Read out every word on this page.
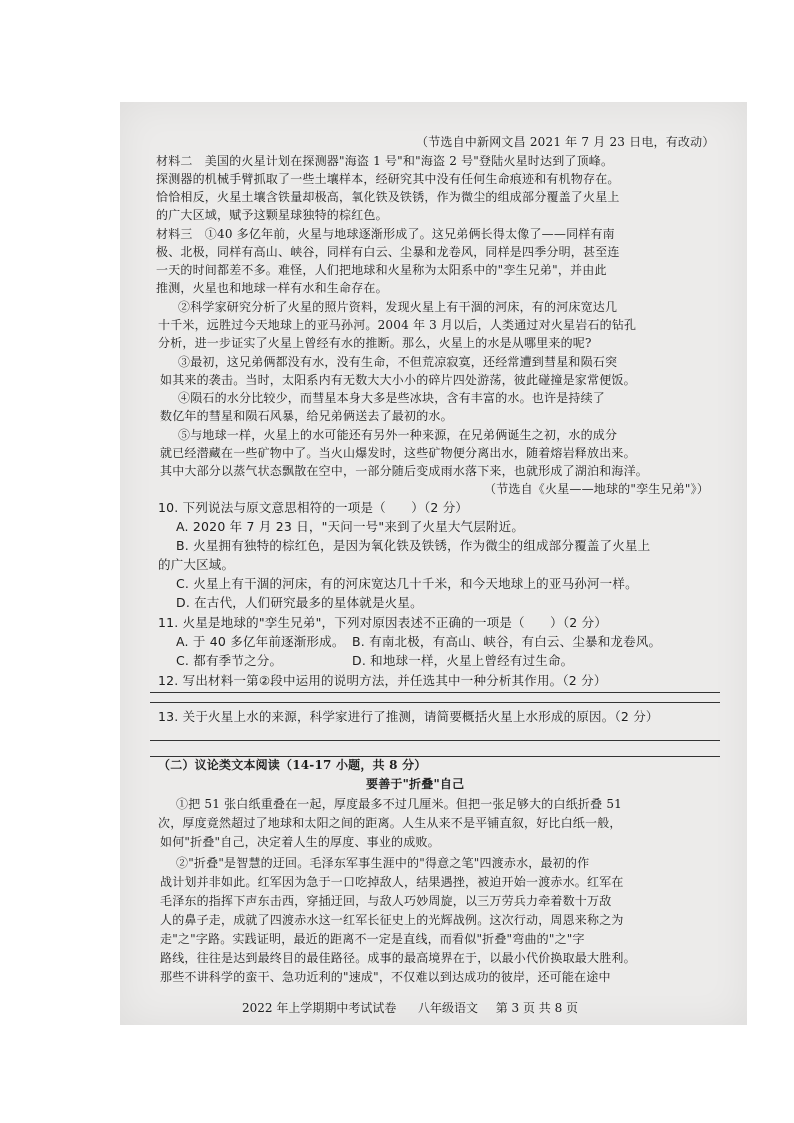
（节选自中新网文昌 2021 年 7 月 23 日电，有改动）
材料二　美国的火星计划在探测器"海盗 1 号"和"海盗 2 号"登陆火星时达到了顶峰。
探测器的机械手臂抓取了一些土壤样本，经研究其中没有任何生命痕迹和有机物存在。
恰恰相反，火星土壤含铁量却极高，氧化铁及铁锈，作为微尘的组成部分覆盖了火星上
的广大区域，赋予这颗星球独特的棕红色。
材料三　①40 多亿年前，火星与地球逐渐形成了。这兄弟俩长得太像了——同样有南
极、北极，同样有高山、峡谷，同样有白云、尘暴和龙卷风，同样是四季分明，甚至连
一天的时间都差不多。难怪，人们把地球和火星称为太阳系中的"孪生兄弟"，并由此
推测，火星也和地球一样有水和生命存在。
②科学家研究分析了火星的照片资料，发现火星上有干涸的河床，有的河床宽达几
十千米，远胜过今天地球上的亚马孙河。2004 年 3 月以后，人类通过对火星岩石的钻孔
分析，进一步证实了火星上曾经有水的推断。那么，火星上的水是从哪里来的呢?
③最初，这兄弟俩都没有水，没有生命，不但荒凉寂寞，还经常遭到彗星和陨石突
如其来的袭击。当时，太阳系内有无数大大小小的碎片四处游荡，彼此碰撞是家常便饭。
④陨石的水分比较少，而彗星本身大多是些冰块，含有丰富的水。也许是持续了
数亿年的彗星和陨石风暴，给兄弟俩送去了最初的水。
⑤与地球一样，火星上的水可能还有另外一种来源，在兄弟俩诞生之初，水的成分
就已经潜藏在一些矿物中了。当火山爆发时，这些矿物便分离出水，随着熔岩释放出来。
其中大部分以蒸气状态飘散在空中，一部分随后变成雨水落下来，也就形成了湖泊和海洋。
（节选自《火星——地球的"孪生兄弟"》）
10. 下列说法与原文意思相符的一项是（　　）（2 分）
A. 2020 年 7 月 23 日，"天问一号"来到了火星大气层附近。
B. 火星拥有独特的棕红色，是因为氧化铁及铁锈，作为微尘的组成部分覆盖了火星上
的广大区域。
C. 火星上有干涸的河床，有的河床宽达几十千米，和今天地球上的亚马孙河一样。
D. 在古代，人们研究最多的星体就是火星。
11. 火星是地球的"孪生兄弟"，下列对原因表述不正确的一项是（　　）（2 分）
A. 于 40 多亿年前逐渐形成。 B. 有南北极，有高山、峡谷，有白云、尘暴和龙卷风。
C. 都有季节之分。	D. 和地球一样，火星上曾经有过生命。
12. 写出材料一第②段中运用的说明方法，并任选其中一种分析其作用。（2 分）
13. 关于火星上水的来源，科学家进行了推测，请简要概括火星上水形成的原因。（2 分）
（二）议论类文本阅读（14-17 小题，共 8 分）
要善于"折叠"自己
①把 51 张白纸重叠在一起，厚度最多不过几厘米。但把一张足够大的白纸折叠 51
次，厚度竟然超过了地球和太阳之间的距离。人生从来不是平铺直叙，好比白纸一般，
如何"折叠"自己，决定着人生的厚度、事业的成败。
②"折叠"是智慧的迂回。毛泽东军事生涯中的"得意之笔"四渡赤水，最初的作
战计划并非如此。红军因为急于一口吃掉敌人，结果遇挫，被迫开始一渡赤水。红军在
毛泽东的指挥下声东击西，穿插迂回，与敌人巧妙周旋，以三万劳兵力牵着数十万敌
人的鼻子走，成就了四渡赤水这一红军长征史上的光辉战例。这次行动，周恩来称之为
走"之"字路。实践证明，最近的距离不一定是直线，而看似"折叠"弯曲的"之"字
路线，往往是达到最终目的最佳路径。成事的最高境界在于，以最小代价换取最大胜利。
那些不讲科学的蛮干、急功近利的"速成"，不仅难以到达成功的彼岸，还可能在途中
2022 年上学期期中考试试卷 八年级语文 第 3 页 共 8 页
